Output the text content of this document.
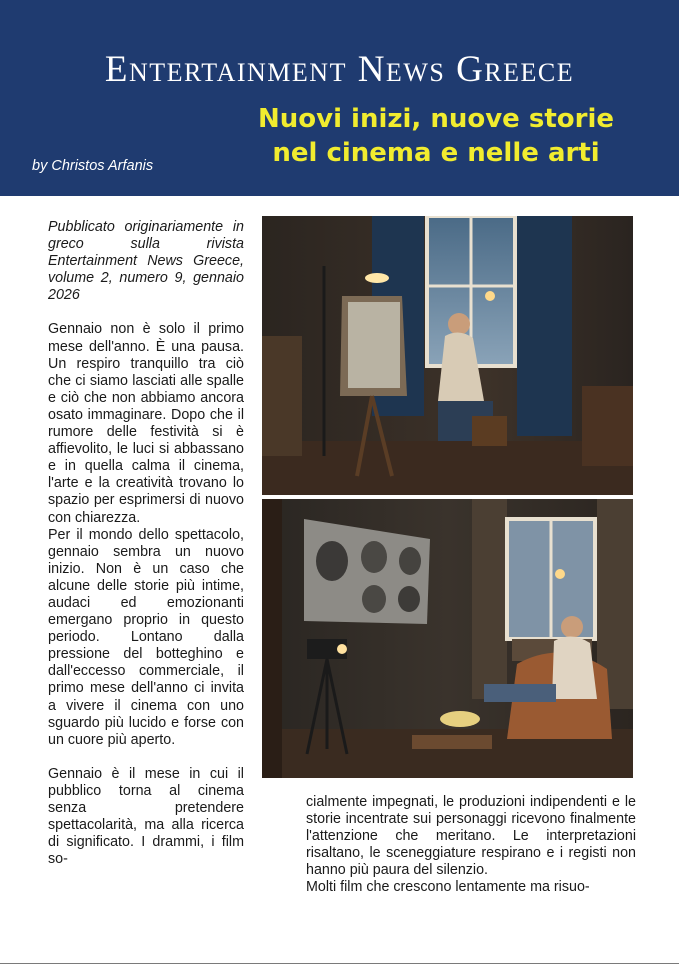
Entertainment News Greece
Nuovi inizi, nuove storie
nel cinema e nelle arti
by Christos Arfanis

Pubblicato originariamente in greco sulla rivista Entertainment News Greece, volume 2, numero 9, gennaio 2026

Gennaio non è solo il primo mese dell'anno. È una pausa. Un respiro tranquillo tra ciò che ci siamo lasciati alle spalle e ciò che non abbiamo ancora osato immaginare. Dopo che il rumore delle festività si è affievolito, le luci si abbassano e in quella calma il cinema, l'arte e la creatività trovano lo spazio per esprimersi di nuovo con chiarezza.

Per il mondo dello spettacolo, gennaio sembra un nuovo inizio. Non è un caso che alcune delle storie più intime, audaci ed emozionanti emergano proprio in questo periodo. Lontano dalla pressione del botteghino e dall'eccesso commerciale, il primo mese dell'anno ci invita a vivere il cinema con uno sguardo più lucido e forse con un cuore più aperto.

Gennaio è il mese in cui il pubblico torna al cinema senza pretendere spettacolarità, ma alla ricerca di significato. I drammi, i film so-

cialmente impegnati, le produzioni indipendenti e le storie incentrate sui personaggi ricevono finalmente l'attenzione che meritano. Le interpretazioni risaltano, le sceneggiature respirano e i registi non hanno più paura del silenzio.

Molti film che crescono lentamente ma risuo-
